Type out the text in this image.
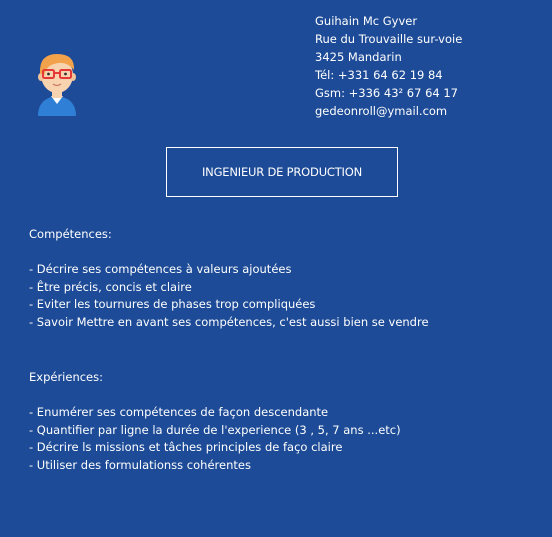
Guihain Mc Gyver
Rue du Trouvaille sur-voie
3425 Mandarin
Tél: +331 64 62 19 84
Gsm: +336 43² 67 64 17
gedeonroll@ymail.com
INGENIEUR DE PRODUCTION
Compétences:
- Décrire ses compétences à valeurs ajoutées
- Être précis, concis et claire
- Eviter les tournures de phases trop compliquées
- Savoir Mettre en avant ses compétences, c'est aussi bien se vendre
Expériences:
- Enumérer ses compétences de façon descendante
- Quantifier par ligne la durée de l'experience (3 , 5, 7 ans ...etc)
- Décrire ls missions et tâches principles de faço claire
- Utiliser des formulationss cohérentes
